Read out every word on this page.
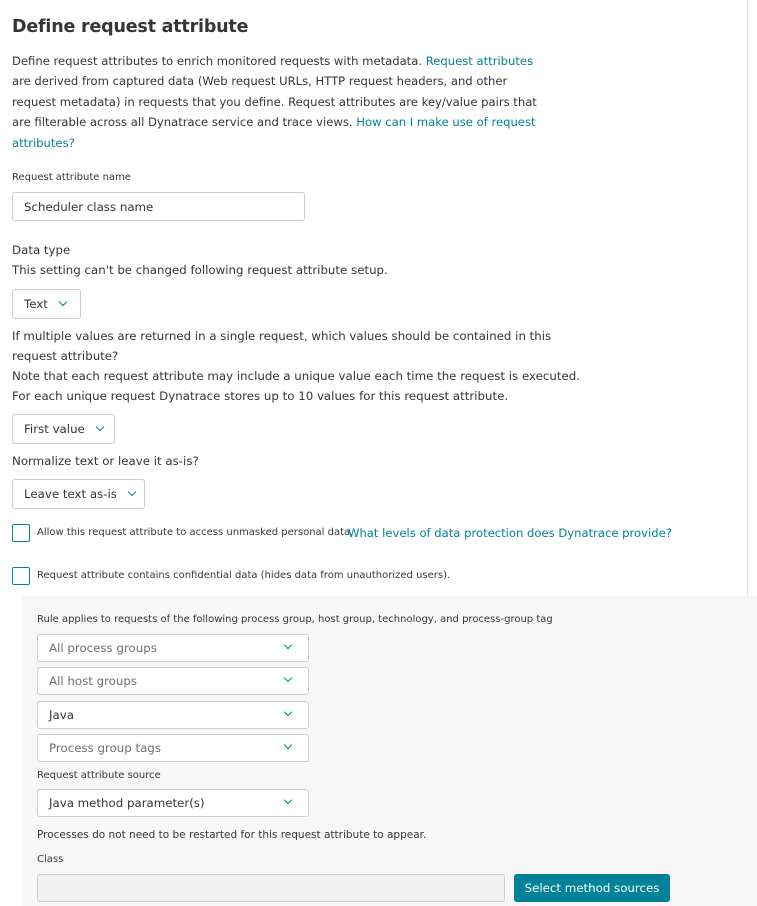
Define request attribute
Define request attributes to enrich monitored requests with metadata. Request attributes are derived from captured data (Web request URLs, HTTP request headers, and other request metadata) in requests that you define. Request attributes are key/value pairs that are filterable across all Dynatrace service and trace views. How can I make use of request attributes?
Request attribute name
Scheduler class name
Data type
This setting can't be changed following request attribute setup.
Text
If multiple values are returned in a single request, which values should be contained in this
request attribute?
Note that each request attribute may include a unique value each time the request is executed.
For each unique request Dynatrace stores up to 10 values for this request attribute.
First value
Normalize text or leave it as-is?
Leave text as-is
Allow this request attribute to access unmasked personal data.
What levels of data protection does Dynatrace provide?
Request attribute contains confidential data (hides data from unauthorized users).
Rule applies to requests of the following process group, host group, technology, and process-group tag
All process groups
All host groups
Java
Process group tags
Request attribute source
Java method parameter(s)
Processes do not need to be restarted for this request attribute to appear.
Class
Select method sources
